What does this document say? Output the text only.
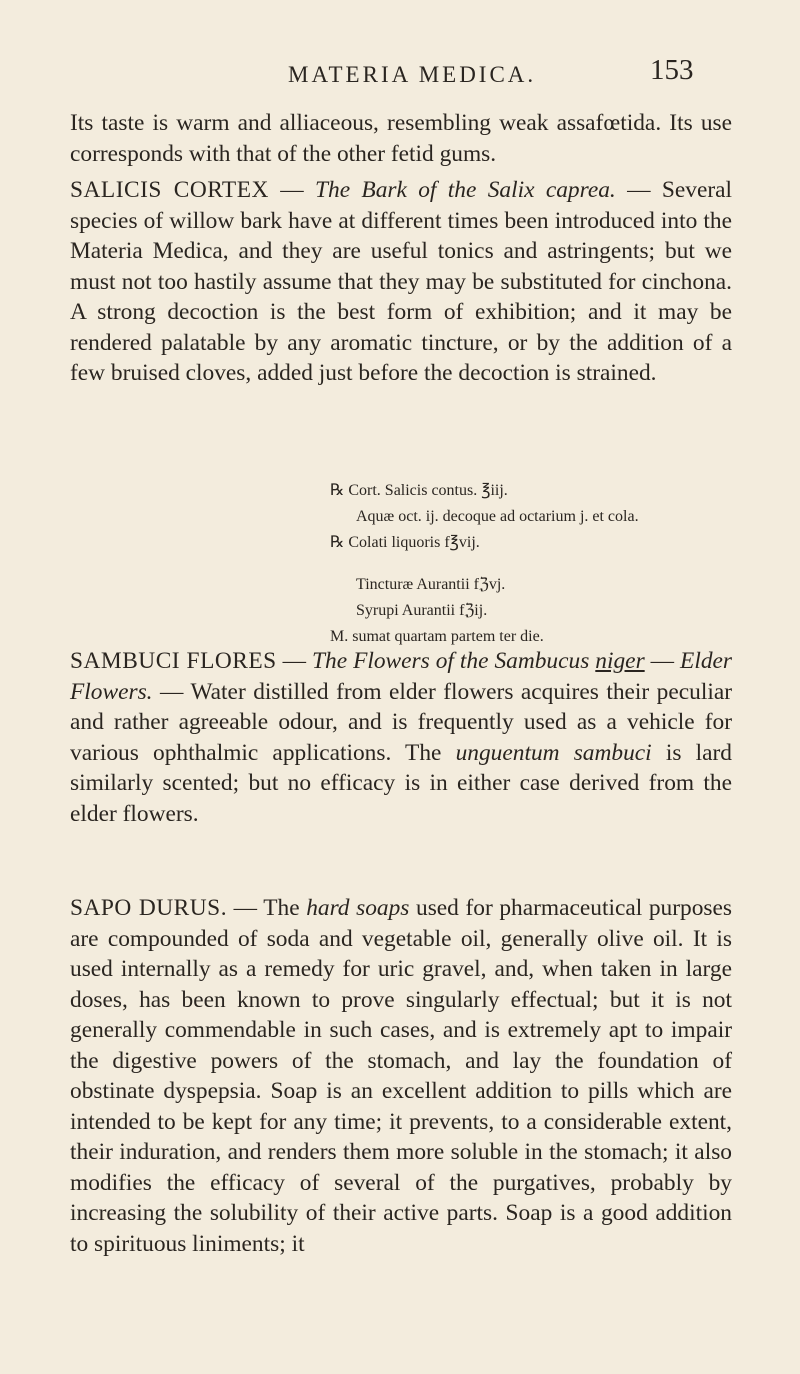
MATERIA MEDICA.	153

Its taste is warm and alliaceous, resembling weak assafœtida. Its use corresponds with that of the other fetid gums.

SALICIS CORTEX — The Bark of the Salix caprea. — Several species of willow bark have at different times been introduced into the Materia Medica, and they are useful tonics and astringents; but we must not too hastily assume that they may be substituted for cinchona. A strong decoction is the best form of exhibition; and it may be rendered palatable by any aromatic tincture, or by the addition of a few bruised cloves, added just before the decoction is strained.

℞ Cort. Salicis contus. ℥iij.
Aquæ oct. ij. decoque ad octarium j. et cola.
℞ Colati liquoris f℥vij.
Tincturæ Aurantii fℨvj.
Syrupi Aurantii fℨij.
M. sumat quartam partem ter die.

SAMBUCI FLORES — The Flowers of the Sambucus niger — Elder Flowers. — Water distilled from elder flowers acquires their peculiar and rather agreeable odour, and is frequently used as a vehicle for various ophthalmic applications. The unguentum sambuci is lard similarly scented; but no efficacy is in either case derived from the elder flowers.

SAPO DURUS. — The hard soaps used for pharmaceutical purposes are compounded of soda and vegetable oil, generally olive oil. It is used internally as a remedy for uric gravel, and, when taken in large doses, has been known to prove singularly effectual; but it is not generally commendable in such cases, and is extremely apt to impair the digestive powers of the stomach, and lay the foundation of obstinate dyspepsia. Soap is an excellent addition to pills which are intended to be kept for any time; it prevents, to a considerable extent, their induration, and renders them more soluble in the stomach; it also modifies the efficacy of several of the purgatives, probably by increasing the solubility of their active parts. Soap is a good addition to spirituous liniments; it
